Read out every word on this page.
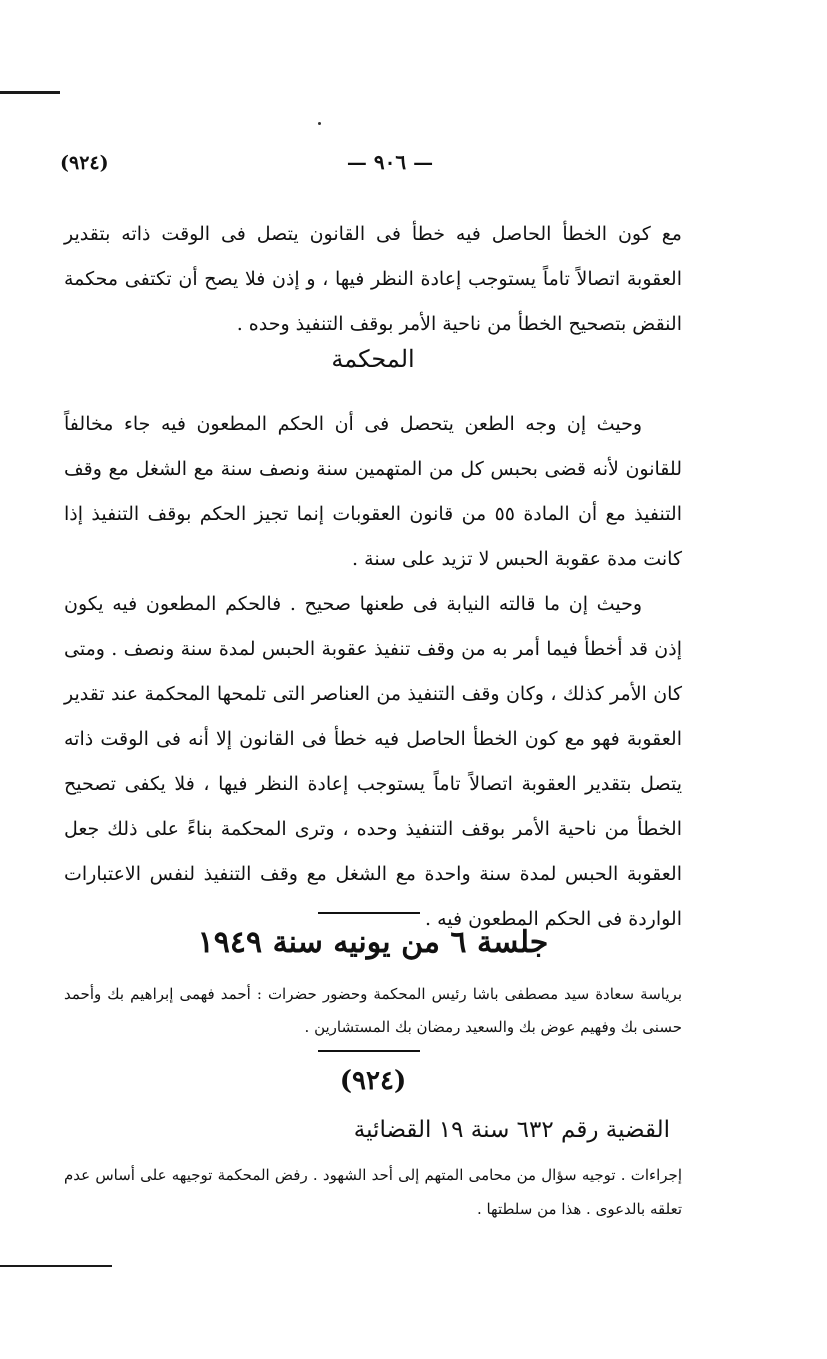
— ٩٠٦ —
(٩٢٤)
مع كون الخطأ الحاصل فيه خطأ فى القانون يتصل فى الوقت ذاته بتقدير العقوبة اتصالاً تاماً يستوجب إعادة النظر فيها ، و إذن فلا يصح أن تكتفى محكمة النقض بتصحيح الخطأ من ناحية الأمر بوقف التنفيذ وحده .
المحكمة
وحيث إن وجه الطعن يتحصل فى أن الحكم المطعون فيه جاء مخالفاً للقانون لأنه قضى بحبس كل من المتهمين سنة ونصف سنة مع الشغل مع وقف التنفيذ مع أن المادة ٥٥ من قانون العقوبات إنما تجيز الحكم بوقف التنفيذ إذا كانت مدة عقوبة الحبس لا تزيد على سنة .
وحيث إن ما قالته النيابة فى طعنها صحيح . فالحكم المطعون فيه يكون إذن قد أخطأ فيما أمر به من وقف تنفيذ عقوبة الحبس لمدة سنة ونصف . ومتى كان الأمر كذلك ، وكان وقف التنفيذ من العناصر التى تلمحها المحكمة عند تقدير العقوبة فهو مع كون الخطأ الحاصل فيه خطأ فى القانون إلا أنه فى الوقت ذاته يتصل بتقدير العقوبة اتصالاً تاماً يستوجب إعادة النظر فيها ، فلا يكفى تصحيح الخطأ من ناحية الأمر بوقف التنفيذ وحده ، وترى المحكمة بناءً على ذلك جعل العقوبة الحبس لمدة سنة واحدة مع الشغل مع وقف التنفيذ لنفس الاعتبارات الواردة فى الحكم المطعون فيه .
جلسة ٦ من يونيه سنة ١٩٤٩
برياسة سعادة سيد مصطفى باشا رئيس المحكمة وحضور حضرات : أحمد فهمى إبراهيم بك وأحمد حسنى بك وفهيم عوض بك والسعيد رمضان بك المستشارين .
(٩٢٤)
القضية رقم ٦٣٢ سنة ١٩ القضائية
إجراءات . توجيه سؤال من محامى المتهم إلى أحد الشهود . رفض المحكمة توجيهه على أساس عدم تعلقه بالدعوى . هذا من سلطتها .
